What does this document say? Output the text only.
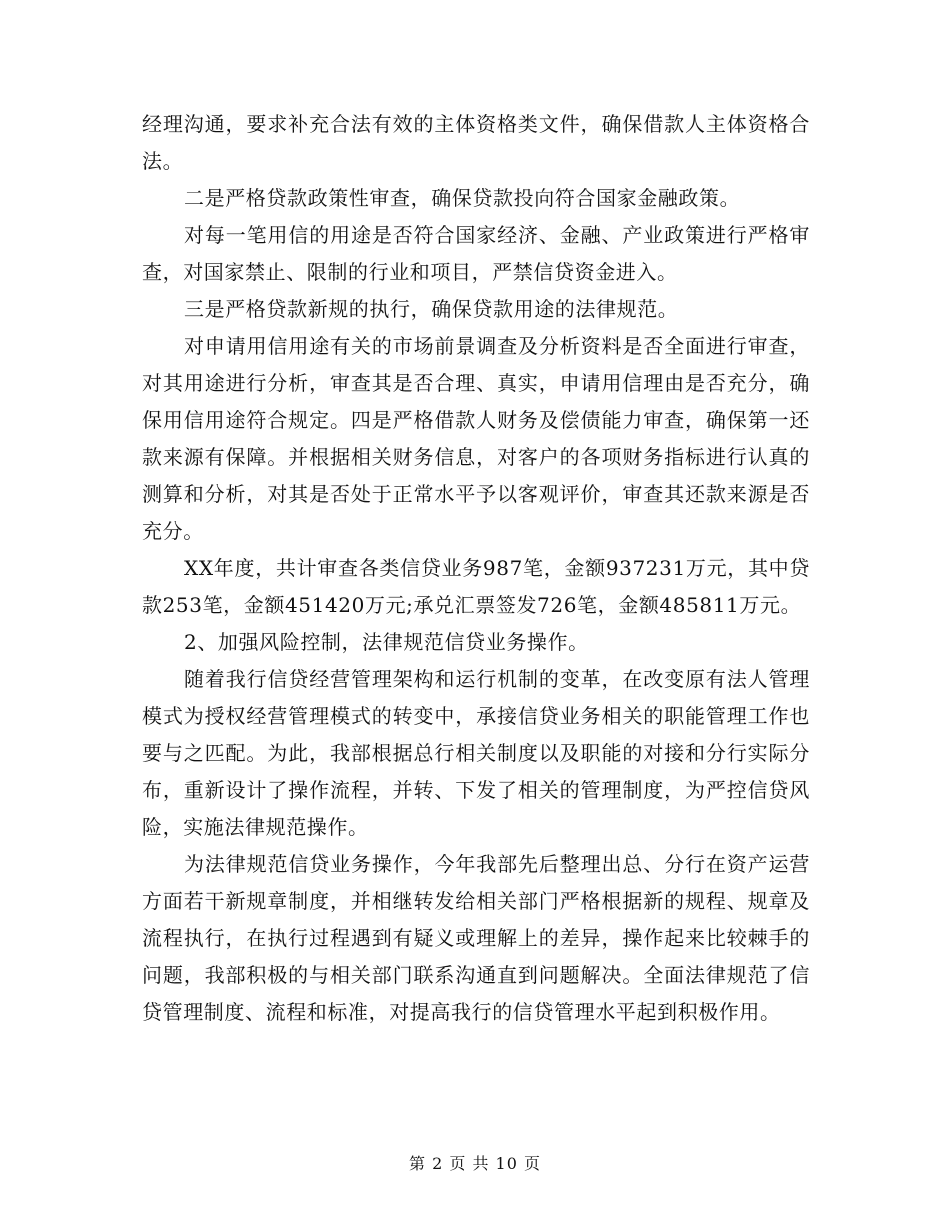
经理沟通，要求补充合法有效的主体资格类文件，确保借款人主体资格合法。

二是严格贷款政策性审查，确保贷款投向符合国家金融政策。

对每一笔用信的用途是否符合国家经济、金融、产业政策进行严格审查，对国家禁止、限制的行业和项目，严禁信贷资金进入。

三是严格贷款新规的执行，确保贷款用途的法律规范。

对申请用信用途有关的市场前景调查及分析资料是否全面进行审查，对其用途进行分析，审查其是否合理、真实，申请用信理由是否充分，确保用信用途符合规定。四是严格借款人财务及偿债能力审查，确保第一还款来源有保障。并根据相关财务信息，对客户的各项财务指标进行认真的测算和分析，对其是否处于正常水平予以客观评价，审查其还款来源是否充分。

XX年度，共计审查各类信贷业务987笔，金额937231万元，其中贷款253笔，金额451420万元;承兑汇票签发726笔，金额485811万元。

2、加强风险控制，法律规范信贷业务操作。

随着我行信贷经营管理架构和运行机制的变革，在改变原有法人管理模式为授权经营管理模式的转变中，承接信贷业务相关的职能管理工作也要与之匹配。为此，我部根据总行相关制度以及职能的对接和分行实际分布，重新设计了操作流程，并转、下发了相关的管理制度，为严控信贷风险，实施法律规范操作。

为法律规范信贷业务操作，今年我部先后整理出总、分行在资产运营方面若干新规章制度，并相继转发给相关部门严格根据新的规程、规章及流程执行，在执行过程遇到有疑义或理解上的差异，操作起来比较棘手的问题，我部积极的与相关部门联系沟通直到问题解决。全面法律规范了信贷管理制度、流程和标准，对提高我行的信贷管理水平起到积极作用。

第 2 页 共 10 页
